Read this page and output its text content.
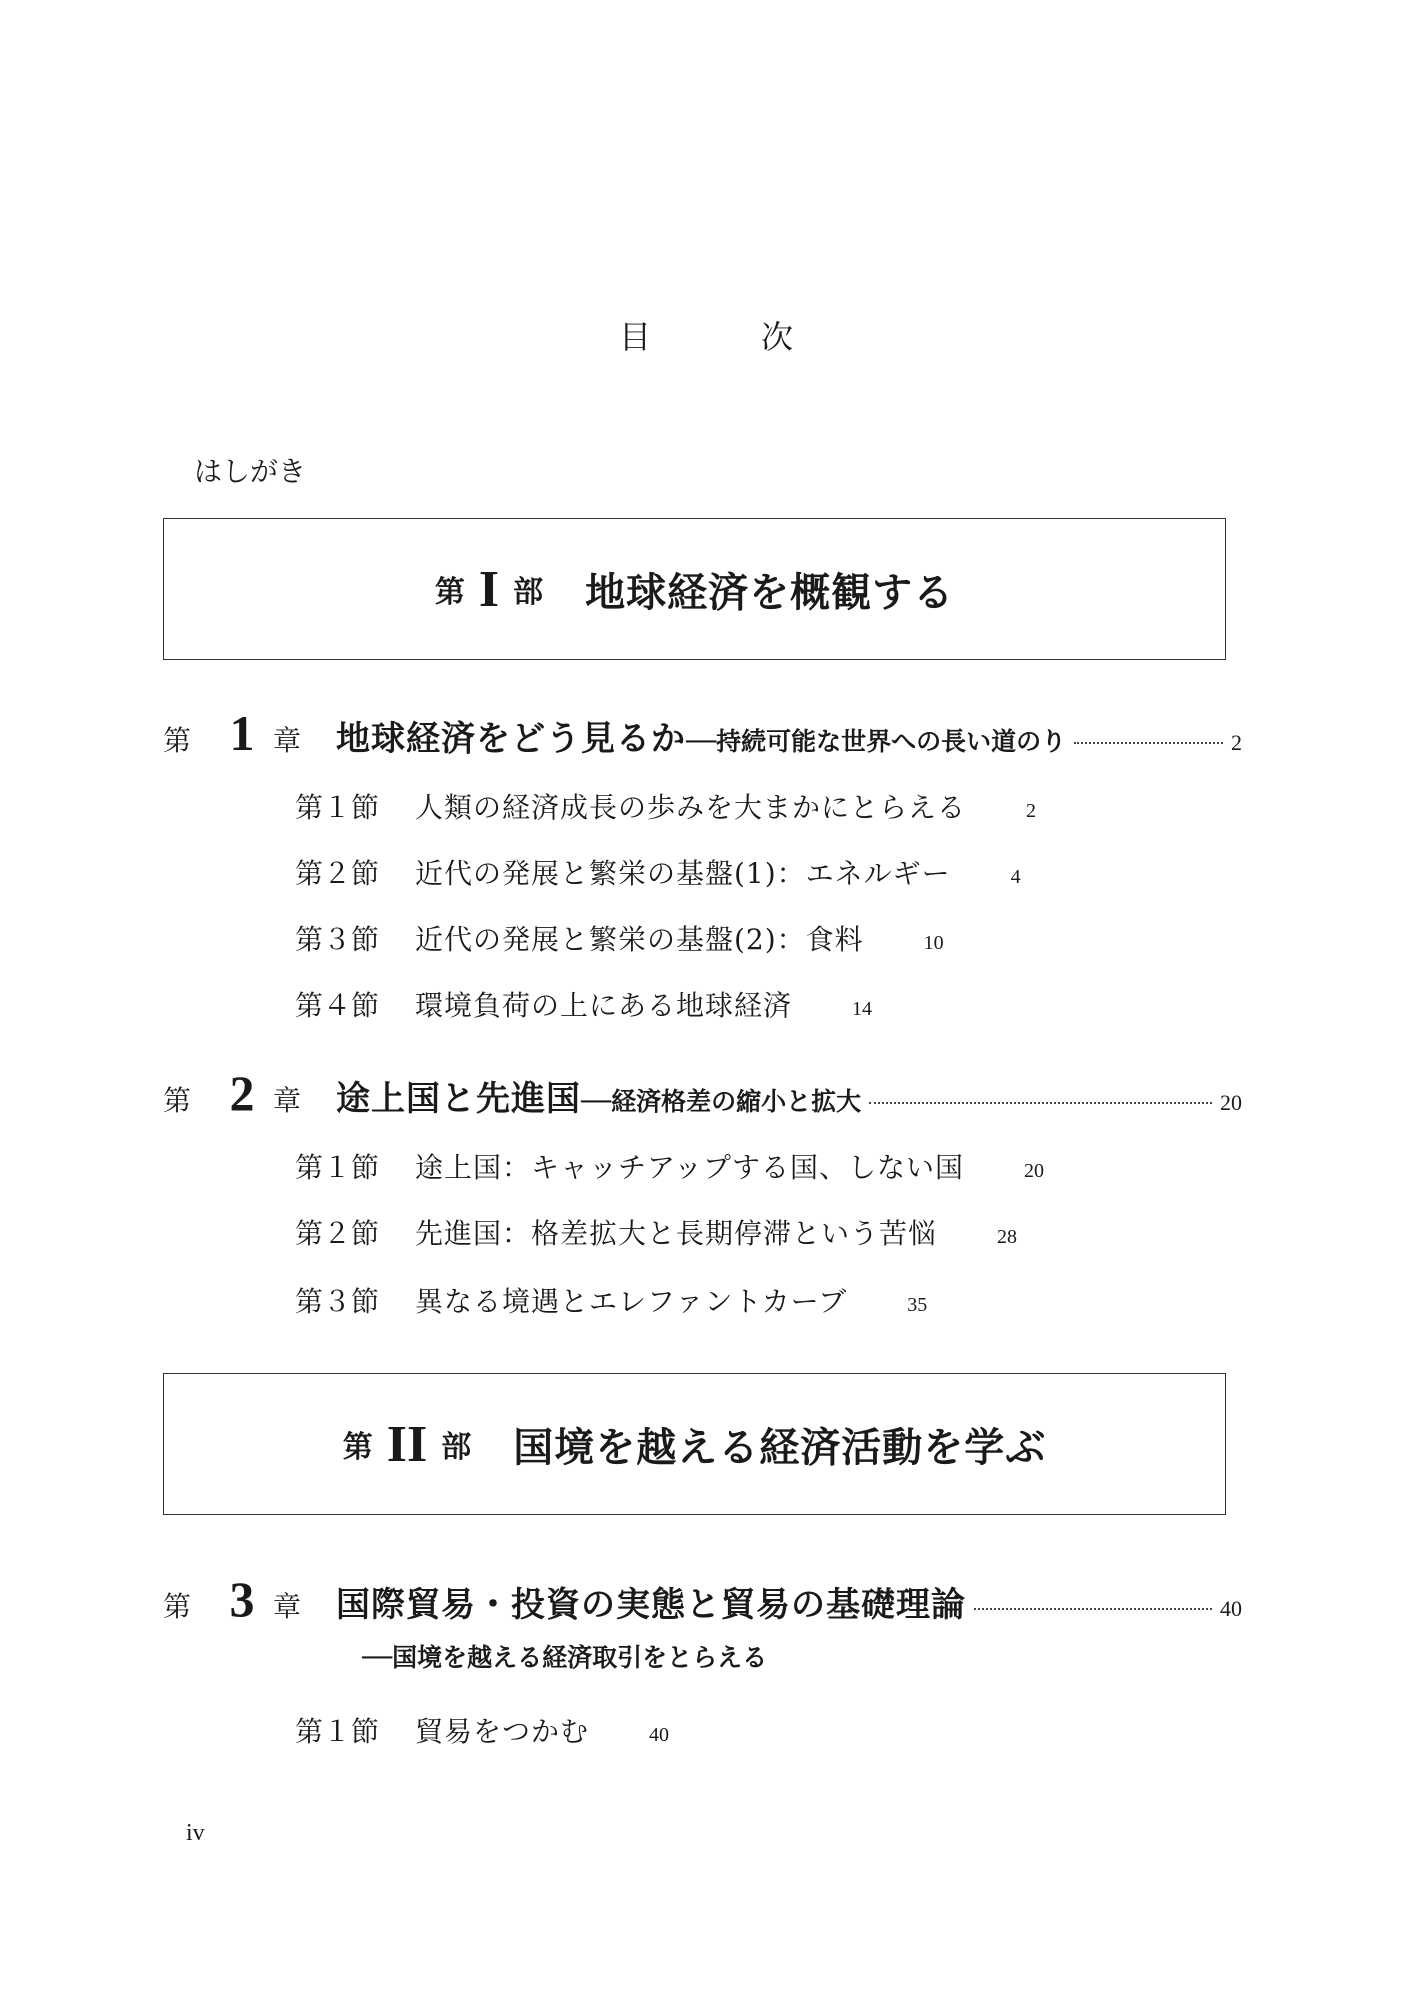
目	次
はしがき
第 I 部 地球経済を概観する
第 1 章	地球経済をどう見るか ──持続可能な世界への長い道のり	2
第１節	人類の経済成長の歩みを大まかにとらえる	2
第２節	近代の発展と繁栄の基盤(1)：エネルギー	4
第３節	近代の発展と繁栄の基盤(2)：食料	10
第４節	環境負荷の上にある地球経済	14
第 2 章	途上国と先進国 ──経済格差の縮小と拡大	20
第１節	途上国：キャッチアップする国、しない国	20
第２節	先進国：格差拡大と長期停滞という苦悩	28
第３節	異なる境遇とエレファントカーブ	35
第 II 部 国境を越える経済活動を学ぶ
第 3 章	国際貿易・投資の実態と貿易の基礎理論	40
──国境を越える経済取引をとらえる
第１節	貿易をつかむ	40
iv
